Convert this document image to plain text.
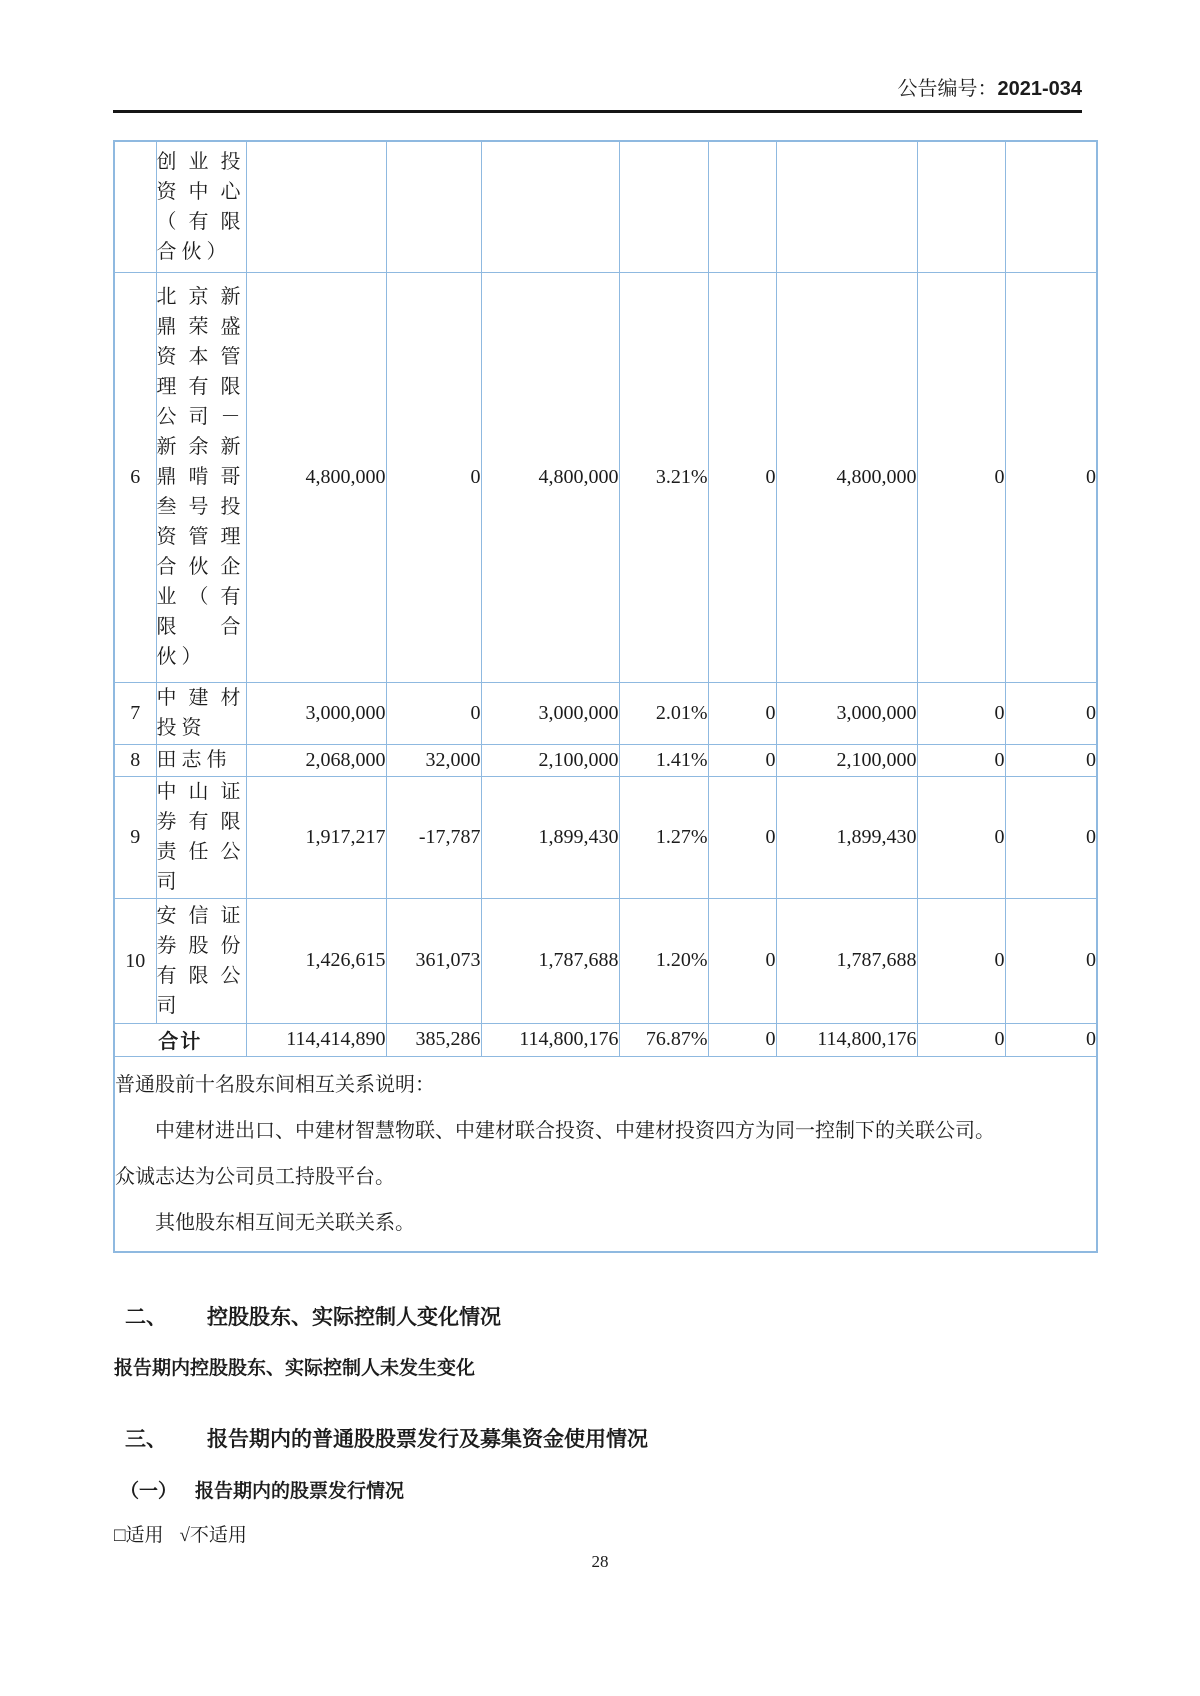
公告编号：2021-034
	创业投资中心（有限合伙）								
6	北京新鼎荣盛资本管理有限公司－新余新鼎啃哥叁号投资管理合伙企业（有限合伙）	4,800,000	0	4,800,000	3.21%	0	4,800,000	0	0
7	中建材投资	3,000,000	0	3,000,000	2.01%	0	3,000,000	0	0
8	田志伟	2,068,000	32,000	2,100,000	1.41%	0	2,100,000	0	0
9	中山证券有限责任公司	1,917,217	-17,787	1,899,430	1.27%	0	1,899,430	0	0
10	安信证券股份有限公司	1,426,615	361,073	1,787,688	1.20%	0	1,787,688	0	0
合计		114,414,890	385,286	114,800,176	76.87%	0	114,800,176	0	0

普通股前十名股东间相互关系说明：

中建材进出口、中建材智慧物联、中建材联合投资、中建材投资四方为同一控制下的关联公司。

众诚志达为公司员工持股平台。

其他股东相互间无关联关系。									

二、 控股股东、实际控制人变化情况
报告期内控股股东、实际控制人未发生变化
三、 报告期内的普通股股票发行及募集资金使用情况
（一） 报告期内的股票发行情况
□适用 √不适用
28
